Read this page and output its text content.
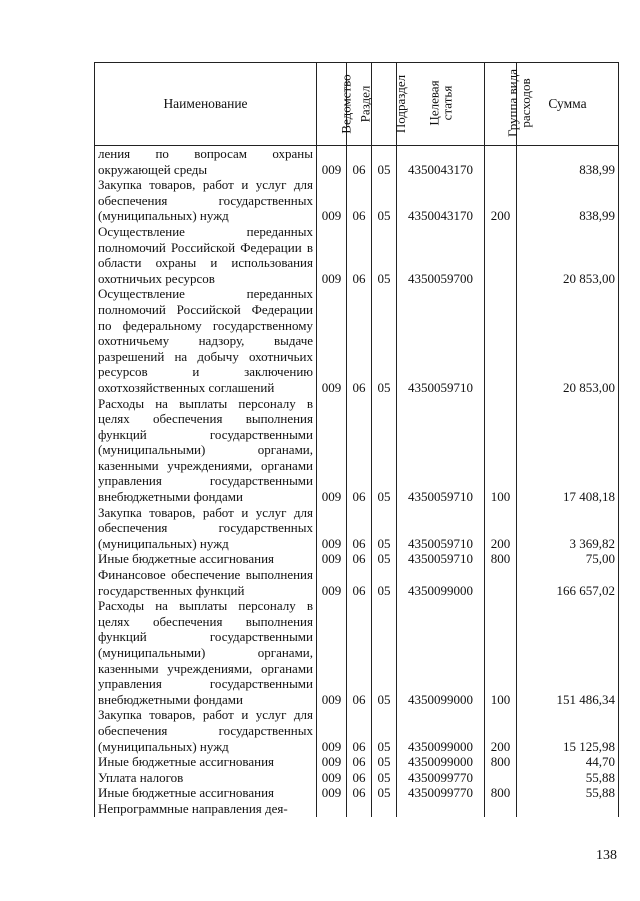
Наименование	Ведомство	Раздел	Подраздел	Целевая
статья	Группа вида
расходов	Сумма
ления по вопросам охраны окружающей среды	009	06	05	4350043170		838,99
Закупка товаров, работ и услуг для обеспечения государственных (муниципальных) нужд	009	06	05	4350043170	200	838,99
Осуществление переданных полномочий Российской Федерации в области охраны и использования охотничьих ресурсов	009	06	05	4350059700		20 853,00
Осуществление переданных полномочий Российской Федерации по федеральному государственному охотничьему надзору, выдаче разрешений на добычу охотничьих ресурсов и заключению охотхозяйственных соглашений	009	06	05	4350059710		20 853,00
Расходы на выплаты персоналу в целях обеспечения выполнения функций государственными (муниципальными) органами, казенными учреждениями, органами управления государственными внебюджетными фондами	009	06	05	4350059710	100	17 408,18
Закупка товаров, работ и услуг для обеспечения государственных (муниципальных) нужд	009	06	05	4350059710	200	3 369,82
Иные бюджетные ассигнования	009	06	05	4350059710	800	75,00
Финансовое обеспечение выполнения государственных функций	009	06	05	4350099000		166 657,02
Расходы на выплаты персоналу в целях обеспечения выполнения функций государственными (муниципальными) органами, казенными учреждениями, органами управления государственными внебюджетными фондами	009	06	05	4350099000	100	151 486,34
Закупка товаров, работ и услуг для обеспечения государственных (муниципальных) нужд	009	06	05	4350099000	200	15 125,98
Иные бюджетные ассигнования	009	06	05	4350099000	800	44,70
Уплата налогов	009	06	05	4350099770		55,88
Иные бюджетные ассигнования	009	06	05	4350099770	800	55,88
Непрограммные направления дея-						
138
